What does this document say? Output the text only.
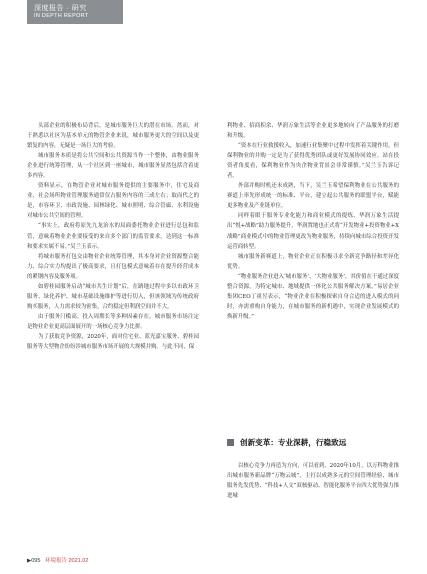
深度报告 · 研究
IN DEPTH REPORT

头部企业的积极布局背后，是城市服务巨大的潜在市场。然而，对于熟悉以社区为基本单元的物管企业来说，城市服务更大的空间以及更繁复的内容，无疑是一场巨大的考验。

城市服务本质是将公共空间和公共资源当作一个整体，由物业服务企业进行统筹管理，从一个社区到一座城市，城市服务显然包括含着更多内容。

资料显示，在物管企业对城市服务提供的主要服务中，住宅及商业、社会场所物业管理服务通常仅占服务内容的三成左右；取而代之的是，市容环卫、市政设施、园林绿化、城市照明、综合管廊、水利设施对城市公共空间的管理。

“事实上，政府将原先九龙治水的局面委托物业企业进行总包和监管，意味着物业企业要接受的来自多个部门的监管要求，达到这一标准和要求实属不易。”吴兰玉表示。

将城市服务打包交由物业企业统筹管理，其本身对企业资源整合能力、综合实力均提出了极高要求，且打包模式意味着存在提升经营成本的紧钢内容及服务项。

如碧桂园服务启动“城市共生计划”后，在路地过程中多以市政环卫服务、绿化养护、城市基础设施维护等进行切入，但该领域为传统政府购买服务，人力需求较为密集，合约稳定但利润空间并不大。

由于服务门槛高、投入周期长等多种因素存在，城市服务市场注定是物业企业更高层面展开的一场核心竞争力比拼。

为了获取竞争资源，2020年，面对住宅业、蓝光嘉宝服务、碧桂园服务等大型物企纷纷涉城市服务市场开展的大规模并购。与此不同，保

利物业、招商积余、华润万象生活等企业更多地转向了产品服务的打磨和升级。

“资本在行业救援收入，加速行业集聚中过程中发挥着关键作用，但保利物业的并购一定是为了获得优秀团队或更好发展协同效应。站在投资者角度看，保利物业作为央企物业背景会非常谨慎。”吴兰玉告诉记者。

外部并购时机还未成熟，当下，吴兰玉希望保利物业在公共服务的赛道上率先形成统一的标准、平台，建立起公共服务的联盟平台，赋能更多物业及产业链单位。

同样着眼于服务专业化能力和商业模式的提炼，华润万象生活提出“悦+战略”助力服务提升，华润置地也正式将“开发物业+投资物业+X战略”商业模式中的物业管理更改为物业服务，持续向城市综合投资开发运营商转型。

城市服务新赛道上，物业企业正在积极寻求全新竞争路径和差异化优势。

“物业服务企业进入‘城市服务’、‘大物业服务’，其价值在于通过深度整合资源，为特定城市、地域提供一体化公共服务解决方案。”易居企业集团CEO丁祖昱表示，“物业企业在积极探索自身合适的进入模式的同时，亦需重构自身能力，在城市服务的新机遇中，实现企业发展模式的焕新升级。”

创新变革：专业深耕，行稳致远

以核心竞争力再造为方向，可以看到，2020年10月，以万科物业推出城市服务新品牌“万物云城”，主打以成熟多元的空间管理经验、城市服务先发优势、“科技+人文”双核驱动、智能化服务平台四大优势强力推进城

▶095 环境报告 2021.02
